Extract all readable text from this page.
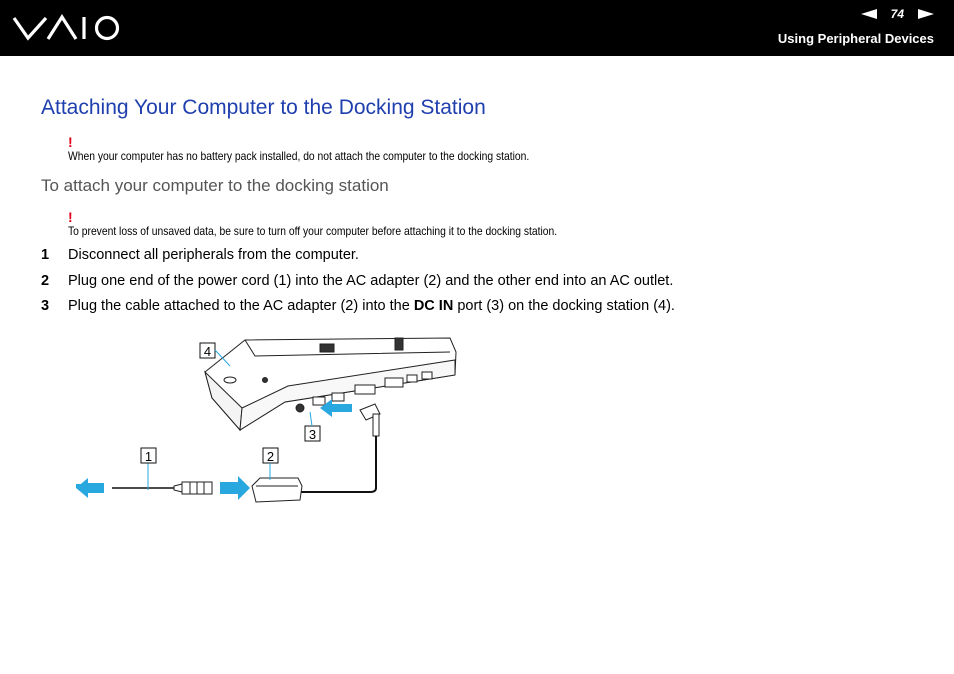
74
Using Peripheral Devices
Attaching Your Computer to the Docking Station
!
When your computer has no battery pack installed, do not attach the computer to the docking station.
To attach your computer to the docking station
!
To prevent loss of unsaved data, be sure to turn off your computer before attaching it to the docking station.
1	Disconnect all peripherals from the computer.
2	Plug one end of the power cord (1) into the AC adapter (2) and the other end into an AC outlet.
3	Plug the cable attached to the AC adapter (2) into the DC IN port (3) on the docking station (4).
4
3
1	2
